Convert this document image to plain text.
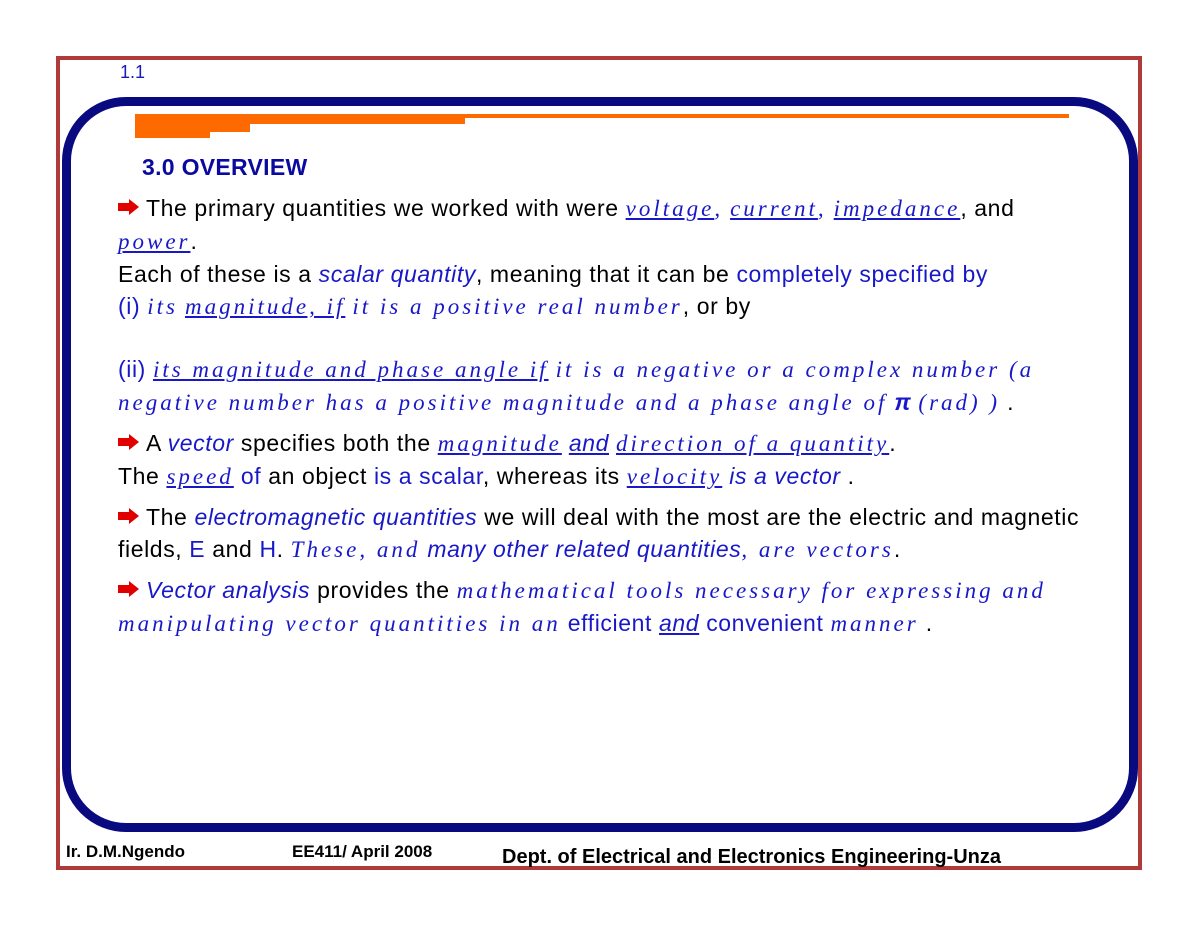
1.1
3.0 OVERVIEW

The primary quantities we worked with were voltage, current, impedance, and power.

Each of these is a scalar quantity, meaning that it can be completely specified by

(i) its magnitude, if it is a positive real number, or by

(ii) its magnitude and phase angle if it is a negative or a complex number (a negative number has a positive magnitude and a phase angle of π (rad) ) .

A vector specifies both the magnitude and direction of a quantity.
The speed of an object is a scalar, whereas its velocity is a vector .

The electromagnetic quantities we will deal with the most are the electric and magnetic fields, E and H. These, and many other related quantities, are vectors.

Vector analysis provides the mathematical tools necessary for expressing and manipulating vector quantities in an efficient and convenient manner .

Ir. D.M.Ngendo	EE411/ April 2008	Dept. of Electrical and Electronics Engineering-Unza
